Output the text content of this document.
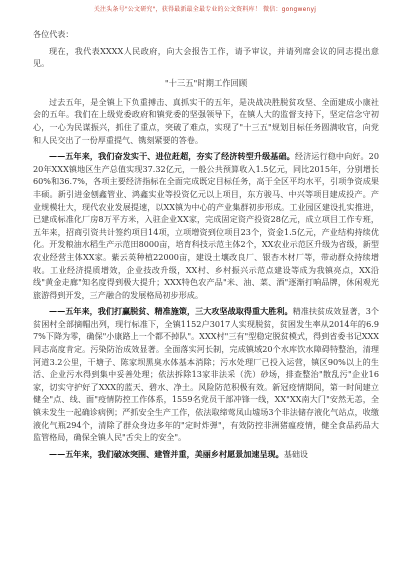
关注头条号"公文研究"，获得最新最全最专业的公文资料库！ 微信：gongwenyj

各位代表：

现在，我代表XXXX人民政府，向大会报告工作，请予审议，并请列席会议的同志提出意见。

"十三五"时期工作回顾

过去五年，是全镇上下负重搏击、真抓实干的五年，是决战决胜脱贫攻坚、全面建成小康社会的五年。我们在上级党委政府和镇党委的坚强领导下，在镇人大的监督支持下，坚定信念守初心，一心为民谋振兴，抓住了重点，突破了难点，实现了"十三五"规划目标任务圆满收官，向党和人民交出了一份厚重提气、镌刻紧要的答卷。

——五年来，我们奋发实干、进位赶超，夯实了经济转型升级基础。经济运行稳中向好。2020年XXX镇地区生产总值实现37.32亿元，一般公共预算收入1.5亿元，同比2015年，分别增长60%和36.7%，各项主要经济指标在全面完成既定目标任务，高于全区平均水平，引项争资成果丰硕。新引进金刨鑫管业、鸿鑫实业等投资亿元以上项目，东方骏马、中兴等项目建成投产。产业规模壮大，现代农业发展提速，以XX镇为中心的产业集群初步形成。工业园区建设扎实推进，已建成标准化厂房8万平方米，入驻企业XX家，完成固定资产投资28亿元，成立项目工作专班，五年来，招商引资共计签约项目14项，立项增资到位项目23个，资金1.5亿元，产业结构持续优化。开发粮油水稻生产示范田8000亩，培育科技示范主体2个，XX农业示范区升级为省级，新型农业经营主体XX家。紫云英种植22000亩，建设土壤改良厂、银杏木材厂等，带动群众持续增收。工业经济提质增效，企业技改升级，XX村、乡村振兴示范点建设等成为我镇亮点，XX沿线"黄金走廊"知名度得到极大提升；XXX特色农产品"米、油、菜、酒"逐渐打响品牌，休闲观光旅游得到开发，三产融合的发展格局初步形成。

——五年来，我们打赢脱贫、精准施策，三大攻坚战取得重大胜利。精准扶贫成效显著，3个贫困村全部摘帽出列，现行标准下，全镇1152户3017人实现脱贫，贫困发生率从2014年的6.97%下降为零，确保"小康路上一个都不掉队"。XXX村"三有"型稳定脱贫模式，得到省委书记XXX同志高度肯定。污染防治成效显著。全面落实河长制，完成镇域20个水库饮水障碍特整治，清理河道3.2公里，干塘子、陈家坝黑臭水体基本消除；污水处理厂已投入运营，镇区90%以上的生活、企业污水得到集中妥善处理；依法拆除13家非法采（洗）砂场，排查整治"散乱污"企业16家，切实守护好了XXX的蓝天、碧水、净土。风险防范积极有效。新冠疫情期间，第一时间建立健全"点、线、面"疫情防控工作体系，1559名党员干部冲锋一线，XX"XX南大门"安然无恙，全镇未发生一起确诊病例；严抓安全生产工作，依法取缔莺凤山墟场3个非法储存液化气站点，收缴液化气瓶294个，清除了群众身边多年的"定时炸弹"，有效防控非洲猪瘟疫情，健全食品药品大监管格局，确保全镇人民"舌尖上的安全"。

——五年来，我们破冰突围、建管并重，美丽乡村愿景加速呈现。基础设
